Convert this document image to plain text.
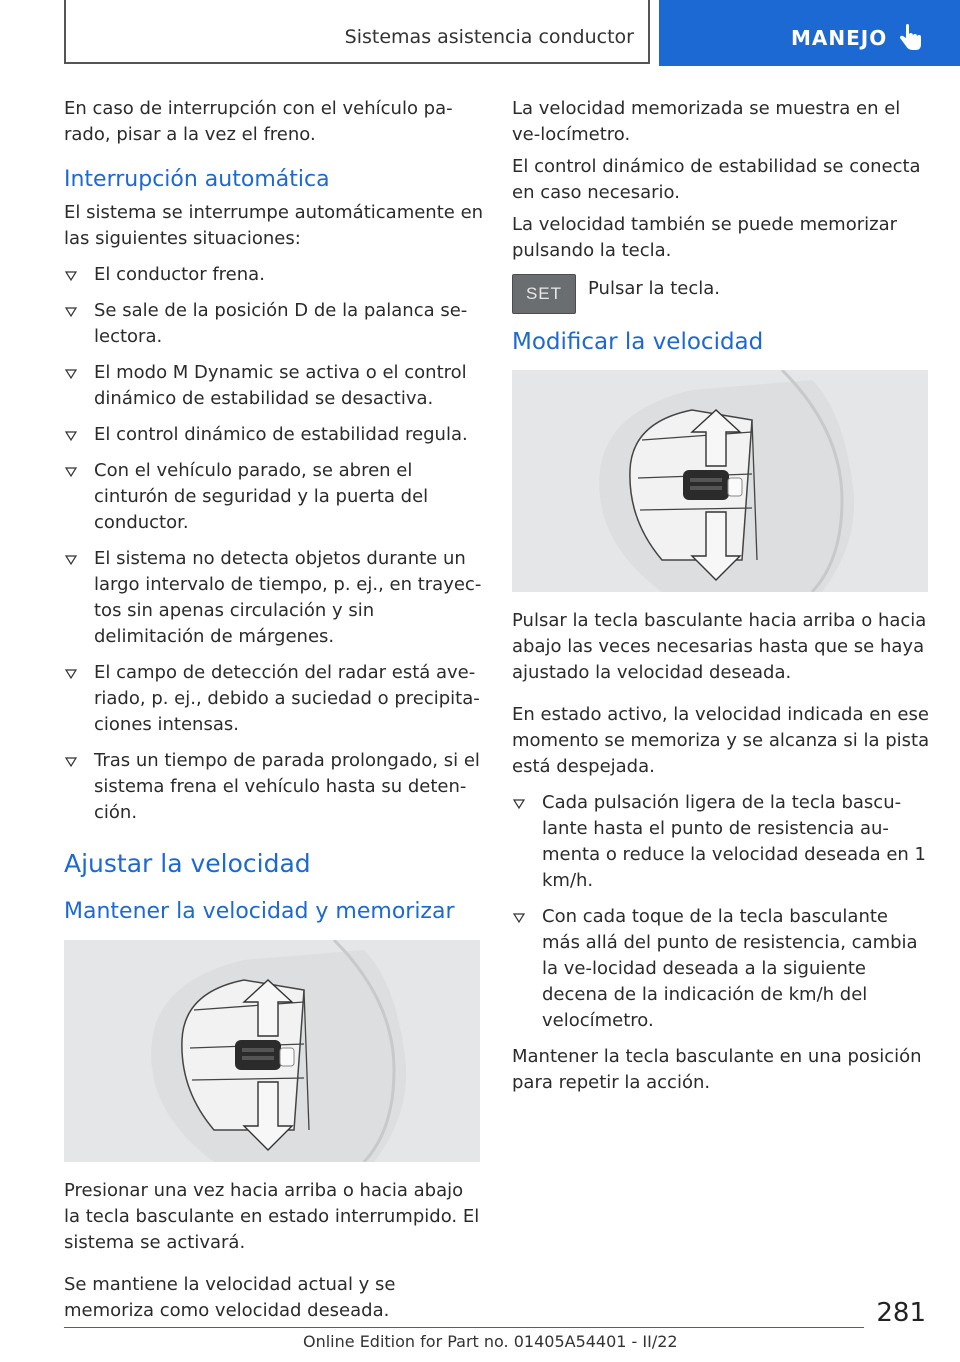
Sistemas asistencia conductor	MANEJO

En caso de interrupción con el vehículo pa-rado, pisar a la vez el freno.

Interrupción automática

El sistema se interrumpe automáticamente en las siguientes situaciones:

El conductor frena.
Se sale de la posición D de la palanca se-lectora.
El modo M Dynamic se activa o el control dinámico de estabilidad se desactiva.
El control dinámico de estabilidad regula.
Con el vehículo parado, se abren el cinturón de seguridad y la puerta del conductor.
El sistema no detecta objetos durante un largo intervalo de tiempo, p. ej., en trayec-tos sin apenas circulación y sin delimitación de márgenes.
El campo de detección del radar está ave-riado, p. ej., debido a suciedad o precipita-ciones intensas.
Tras un tiempo de parada prolongado, si el sistema frena el vehículo hasta su deten-ción.
Ajustar la velocidad
Mantener la velocidad y memorizar

Presionar una vez hacia arriba o hacia abajo la tecla basculante en estado interrumpido. El sistema se activará.

Se mantiene la velocidad actual y se memoriza como velocidad deseada.

La velocidad memorizada se muestra en el ve-locímetro.

El control dinámico de estabilidad se conecta en caso necesario.

La velocidad también se puede memorizar pulsando la tecla.

SET Pulsar la tecla.

Modificar la velocidad

Pulsar la tecla basculante hacia arriba o hacia abajo las veces necesarias hasta que se haya ajustado la velocidad deseada.

En estado activo, la velocidad indicada en ese momento se memoriza y se alcanza si la pista está despejada.

Cada pulsación ligera de la tecla bascu-lante hasta el punto de resistencia au-menta o reduce la velocidad deseada en 1 km/h.
Con cada toque de la tecla basculante más allá del punto de resistencia, cambia la ve-locidad deseada a la siguiente decena de la indicación de km/h del velocímetro.

Mantener la tecla basculante en una posición para repetir la acción.

281
Online Edition for Part no. 01405A54401 - II/22
